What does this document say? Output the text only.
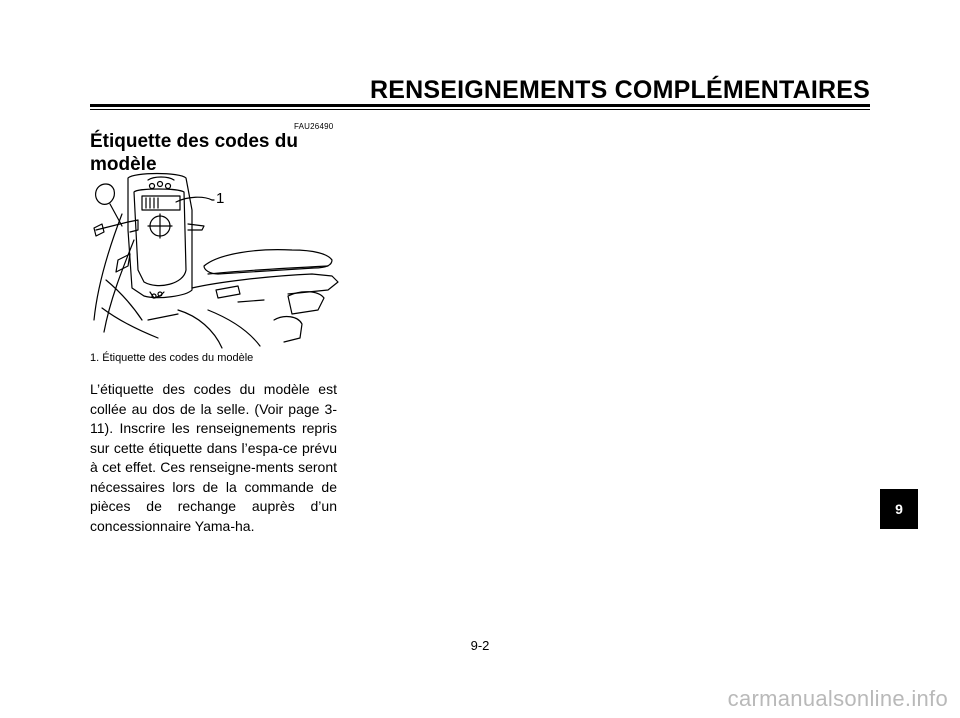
RENSEIGNEMENTS COMPLÉMENTAIRES
FAU26490
Étiquette des codes du modèle
1
1. Étiquette des codes du modèle
L’étiquette des codes du modèle est collée au dos de la selle. (Voir page 3-11). Inscrire les renseignements repris sur cette étiquette dans l’espa-ce prévu à cet effet. Ces renseigne-ments seront nécessaires lors de la commande de pièces de rechange auprès d’un concessionnaire Yama-ha.
9
9-2
carmanualsonline.info
